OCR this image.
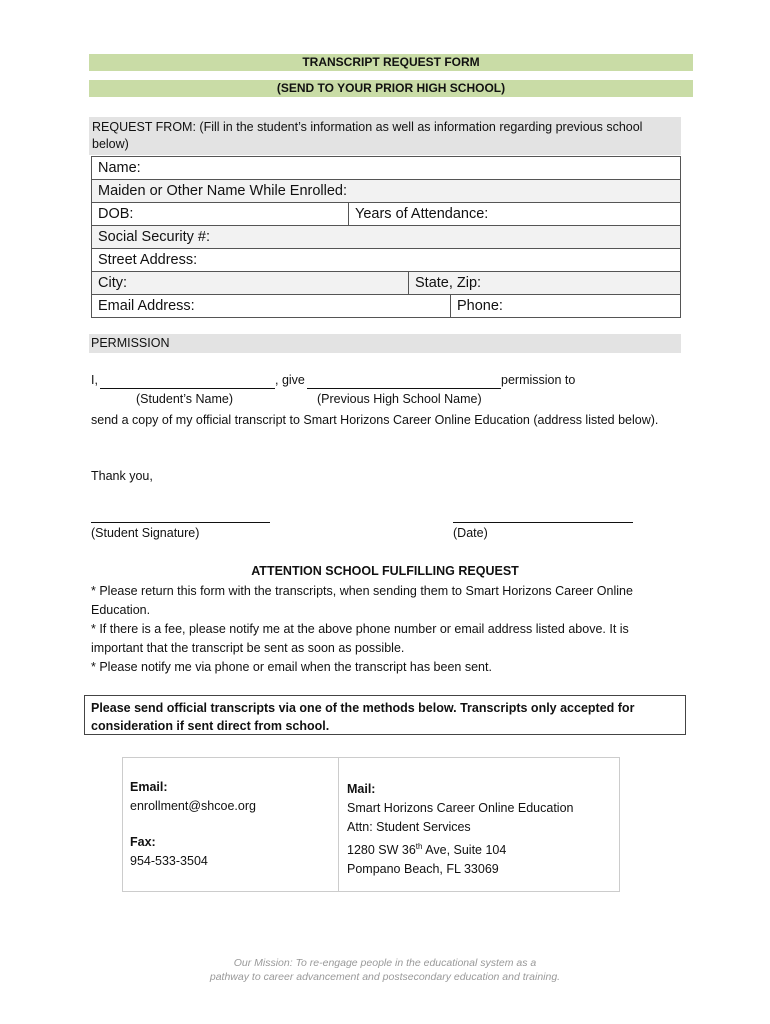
TRANSCRIPT REQUEST FORM
(SEND TO YOUR PRIOR HIGH SCHOOL)
REQUEST FROM: (Fill in the student’s information as well as information regarding previous school below)
Name:
Maiden or Other Name While Enrolled:
DOB:	Years of Attendance:
Social Security #:
Street Address:
City:	State, Zip:
Email Address:	Phone:
PERMISSION
I,	, give	permission to
(Student’s Name)	(Previous High School Name)
send a copy of my official transcript to Smart Horizons Career Online Education (address listed below).
Thank you,
(Student Signature)	(Date)
ATTENTION SCHOOL FULFILLING REQUEST
* Please return this form with the transcripts, when sending them to Smart Horizons Career Online Education.
* If there is a fee, please notify me at the above phone number or email address listed above. It is important that the transcript be sent as soon as possible.
* Please notify me via phone or email when the transcript has been sent.
Please send official transcripts via one of the methods below. Transcripts only accepted for consideration if sent direct from school.
Email:
enrollment@shcoe.org
Fax:
954-533-3504
Mail:
Smart Horizons Career Online Education
Attn: Student Services
1280 SW 36th Ave, Suite 104
Pompano Beach, FL 33069
Our Mission: To re-engage people in the educational system as a
pathway to career advancement and postsecondary education and training.
